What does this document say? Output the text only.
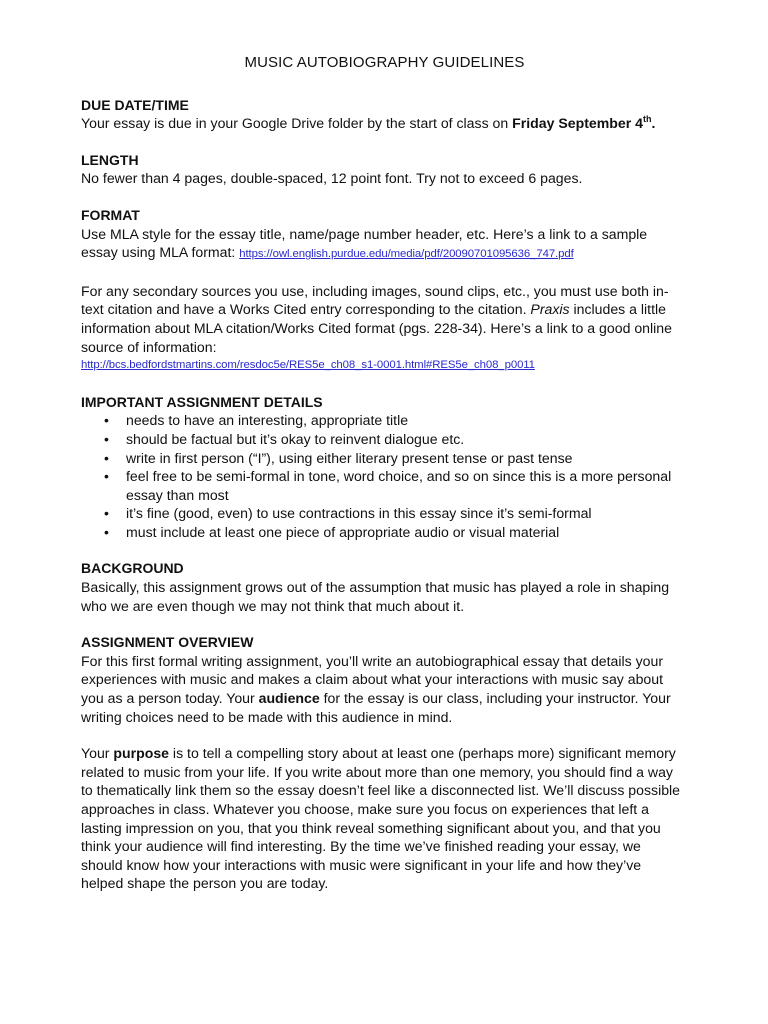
MUSIC AUTOBIOGRAPHY GUIDELINES
DUE DATE/TIME

Your essay is due in your Google Drive folder by the start of class on Friday September 4th.

LENGTH

No fewer than 4 pages, double-spaced, 12 point font. Try not to exceed 6 pages.

FORMAT

Use MLA style for the essay title, name/page number header, etc. Here’s a link to a sample essay using MLA format: https://owl.english.purdue.edu/media/pdf/20090701095636_747.pdf

For any secondary sources you use, including images, sound clips, etc., you must use both in-text citation and have a Works Cited entry corresponding to the citation. Praxis includes a little information about MLA citation/Works Cited format (pgs. 228-34). Here’s a link to a good online source of information:
http://bcs.bedfordstmartins.com/resdoc5e/RES5e_ch08_s1-0001.html#RES5e_ch08_p0011

IMPORTANT ASSIGNMENT DETAILS
• needs to have an interesting, appropriate title
• should be factual but it’s okay to reinvent dialogue etc.
• write in first person (“I”), using either literary present tense or past tense
• feel free to be semi-formal in tone, word choice, and so on since this is a more personal essay than most
• it’s fine (good, even) to use contractions in this essay since it’s semi-formal
• must include at least one piece of appropriate audio or visual material
BACKGROUND

Basically, this assignment grows out of the assumption that music has played a role in shaping who we are even though we may not think that much about it.

ASSIGNMENT OVERVIEW

For this first formal writing assignment, you’ll write an autobiographical essay that details your experiences with music and makes a claim about what your interactions with music say about you as a person today. Your audience for the essay is our class, including your instructor. Your writing choices need to be made with this audience in mind.

Your purpose is to tell a compelling story about at least one (perhaps more) significant memory related to music from your life. If you write about more than one memory, you should find a way to thematically link them so the essay doesn’t feel like a disconnected list. We’ll discuss possible approaches in class. Whatever you choose, make sure you focus on experiences that left a lasting impression on you, that you think reveal something significant about you, and that you think your audience will find interesting. By the time we’ve finished reading your essay, we should know how your interactions with music were significant in your life and how they’ve helped shape the person you are today.
